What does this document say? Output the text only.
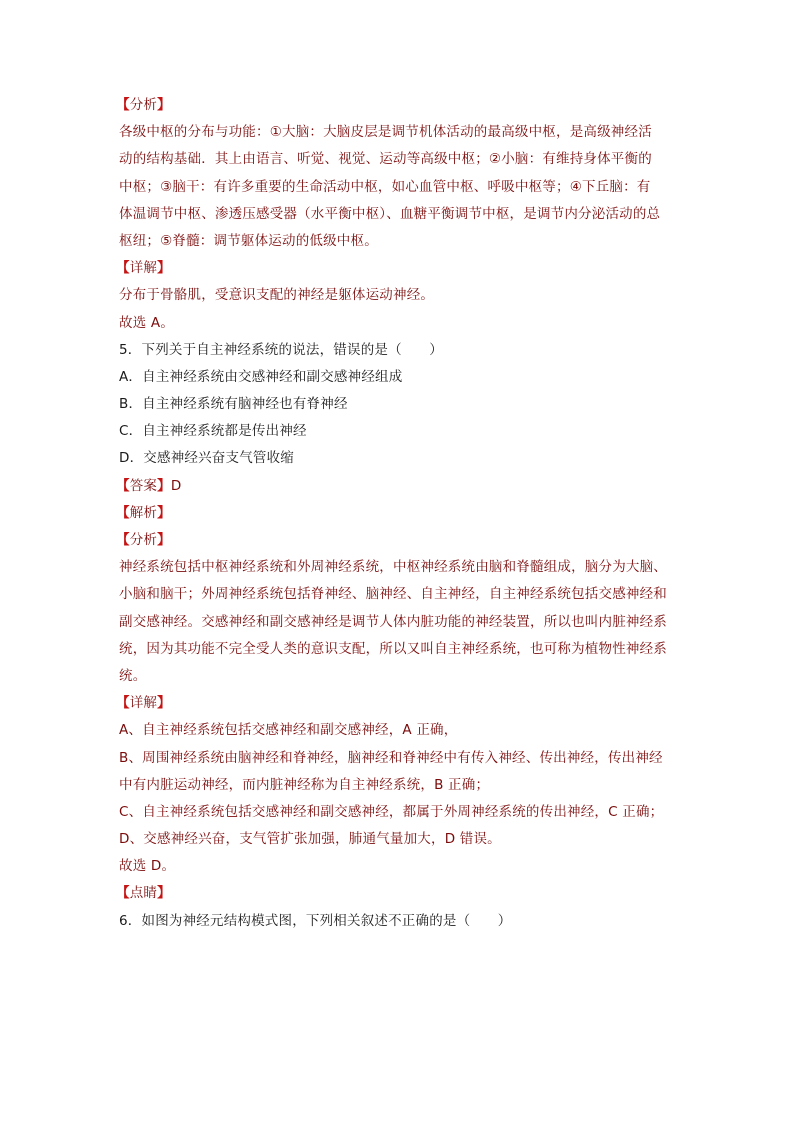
【分析】
各级中枢的分布与功能：①大脑：大脑皮层是调节机体活动的最高级中枢，是高级神经活
动的结构基础．其上由语言、听觉、视觉、运动等高级中枢；②小脑：有维持身体平衡的
中枢；③脑干：有许多重要的生命活动中枢，如心血管中枢、呼吸中枢等；④下丘脑：有
体温调节中枢、渗透压感受器（水平衡中枢）、血糖平衡调节中枢，是调节内分泌活动的总
枢纽；⑤脊髓：调节躯体运动的低级中枢。
【详解】
分布于骨骼肌，受意识支配的神经是躯体运动神经。
故选 A。
5．下列关于自主神经系统的说法，错误的是（　　）
A．自主神经系统由交感神经和副交感神经组成
B．自主神经系统有脑神经也有脊神经
C．自主神经系统都是传出神经
D．交感神经兴奋支气管收缩
【答案】D
【解析】
【分析】
神经系统包括中枢神经系统和外周神经系统，中枢神经系统由脑和脊髓组成，脑分为大脑、
小脑和脑干；外周神经系统包括脊神经、脑神经、自主神经，自主神经系统包括交感神经和
副交感神经。交感神经和副交感神经是调节人体内脏功能的神经装置，所以也叫内脏神经系
统，因为其功能不完全受人类的意识支配，所以又叫自主神经系统，也可称为植物性神经系
统。
【详解】
A、自主神经系统包括交感神经和副交感神经，A 正确，
B、周围神经系统由脑神经和脊神经，脑神经和脊神经中有传入神经、传出神经，传出神经
中有内脏运动神经，而内脏神经称为自主神经系统，B 正确；
C、自主神经系统包括交感神经和副交感神经，都属于外周神经系统的传出神经，C 正确；
D、交感神经兴奋，支气管扩张加强，肺通气量加大，D 错误。
故选 D。
【点睛】
6．如图为神经元结构模式图，下列相关叙述不正确的是（　　）
